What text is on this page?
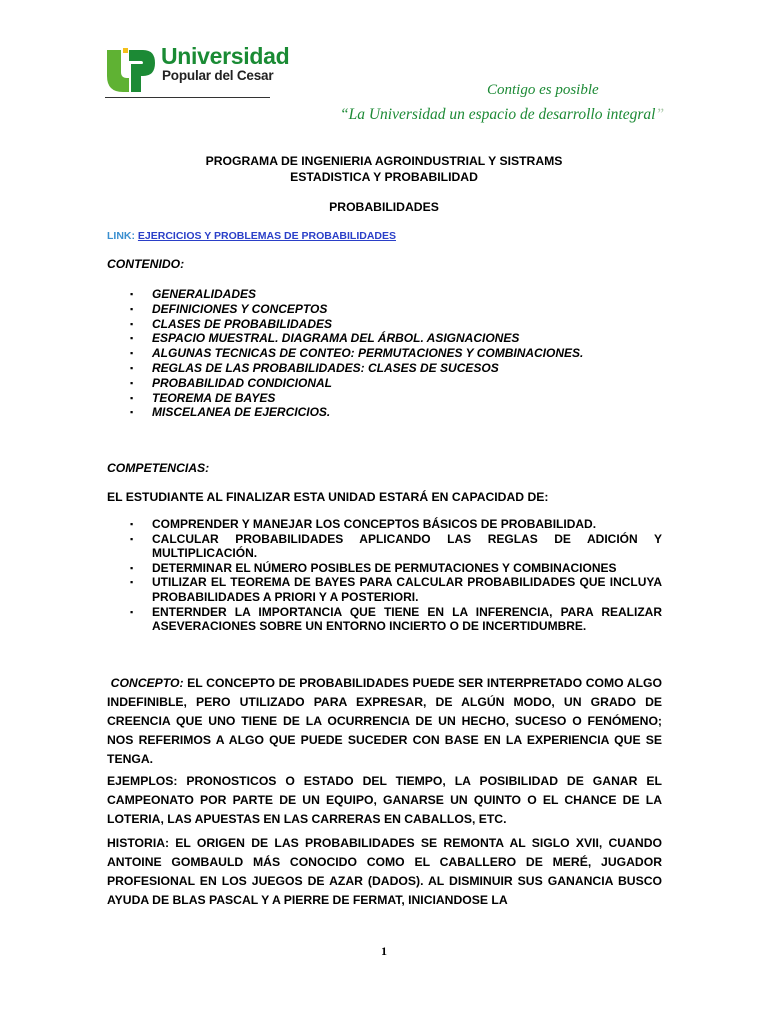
Universidad
Popular del Cesar
Contigo es posible
“La Universidad un espacio de desarrollo integral”
PROGRAMA DE INGENIERIA AGROINDUSTRIAL Y SISTRAMS
ESTADISTICA Y PROBABILIDAD
PROBABILIDADES
LINK: EJERCICIOS Y PROBLEMAS DE PROBABILIDADES
CONTENIDO:
▪ GENERALIDADES
▪ DEFINICIONES Y CONCEPTOS
▪ CLASES DE PROBABILIDADES
▪ ESPACIO MUESTRAL. DIAGRAMA DEL ÁRBOL. ASIGNACIONES
▪ ALGUNAS TECNICAS DE CONTEO: PERMUTACIONES Y COMBINACIONES.
▪ REGLAS DE LAS PROBABILIDADES: CLASES DE SUCESOS
▪ PROBABILIDAD CONDICIONAL
▪ TEOREMA DE BAYES
▪ MISCELANEA DE EJERCICIOS.
COMPETENCIAS:
EL ESTUDIANTE AL FINALIZAR ESTA UNIDAD ESTARÁ EN CAPACIDAD DE:
▪ COMPRENDER Y MANEJAR LOS CONCEPTOS BÁSICOS DE PROBABILIDAD.
▪ CALCULAR PROBABILIDADES APLICANDO LAS REGLAS DE ADICIÓN Y MULTIPLICACIÓN.
▪ DETERMINAR EL NÚMERO POSIBLES DE PERMUTACIONES Y COMBINACIONES
▪ UTILIZAR EL TEOREMA DE BAYES PARA CALCULAR PROBABILIDADES QUE INCLUYA PROBABILIDADES A PRIORI Y A POSTERIORI.
▪ ENTERNDER LA IMPORTANCIA QUE TIENE EN LA INFERENCIA, PARA REALIZAR ASEVERACIONES SOBRE UN ENTORNO INCIERTO O DE INCERTIDUMBRE.
CONCEPTO: EL CONCEPTO DE PROBABILIDADES PUEDE SER INTERPRETADO COMO ALGO INDEFINIBLE, PERO UTILIZADO PARA EXPRESAR, DE ALGÚN MODO, UN GRADO DE CREENCIA QUE UNO TIENE DE LA OCURRENCIA DE UN HECHO, SUCESO O FENÓMENO; NOS REFERIMOS A ALGO QUE PUEDE SUCEDER CON BASE EN LA EXPERIENCIA QUE SE TENGA.
EJEMPLOS: PRONOSTICOS O ESTADO DEL TIEMPO, LA POSIBILIDAD DE GANAR EL CAMPEONATO POR PARTE DE UN EQUIPO, GANARSE UN QUINTO O EL CHANCE DE LA LOTERIA, LAS APUESTAS EN LAS CARRERAS EN CABALLOS, ETC.
HISTORIA: EL ORIGEN DE LAS PROBABILIDADES SE REMONTA AL SIGLO XVII, CUANDO ANTOINE GOMBAULD MÁS CONOCIDO COMO EL CABALLERO DE MERÉ, JUGADOR PROFESIONAL EN LOS JUEGOS DE AZAR (DADOS). AL DISMINUIR SUS GANANCIA BUSCO AYUDA DE BLAS PASCAL Y A PIERRE DE FERMAT, INICIANDOSE LA
1
